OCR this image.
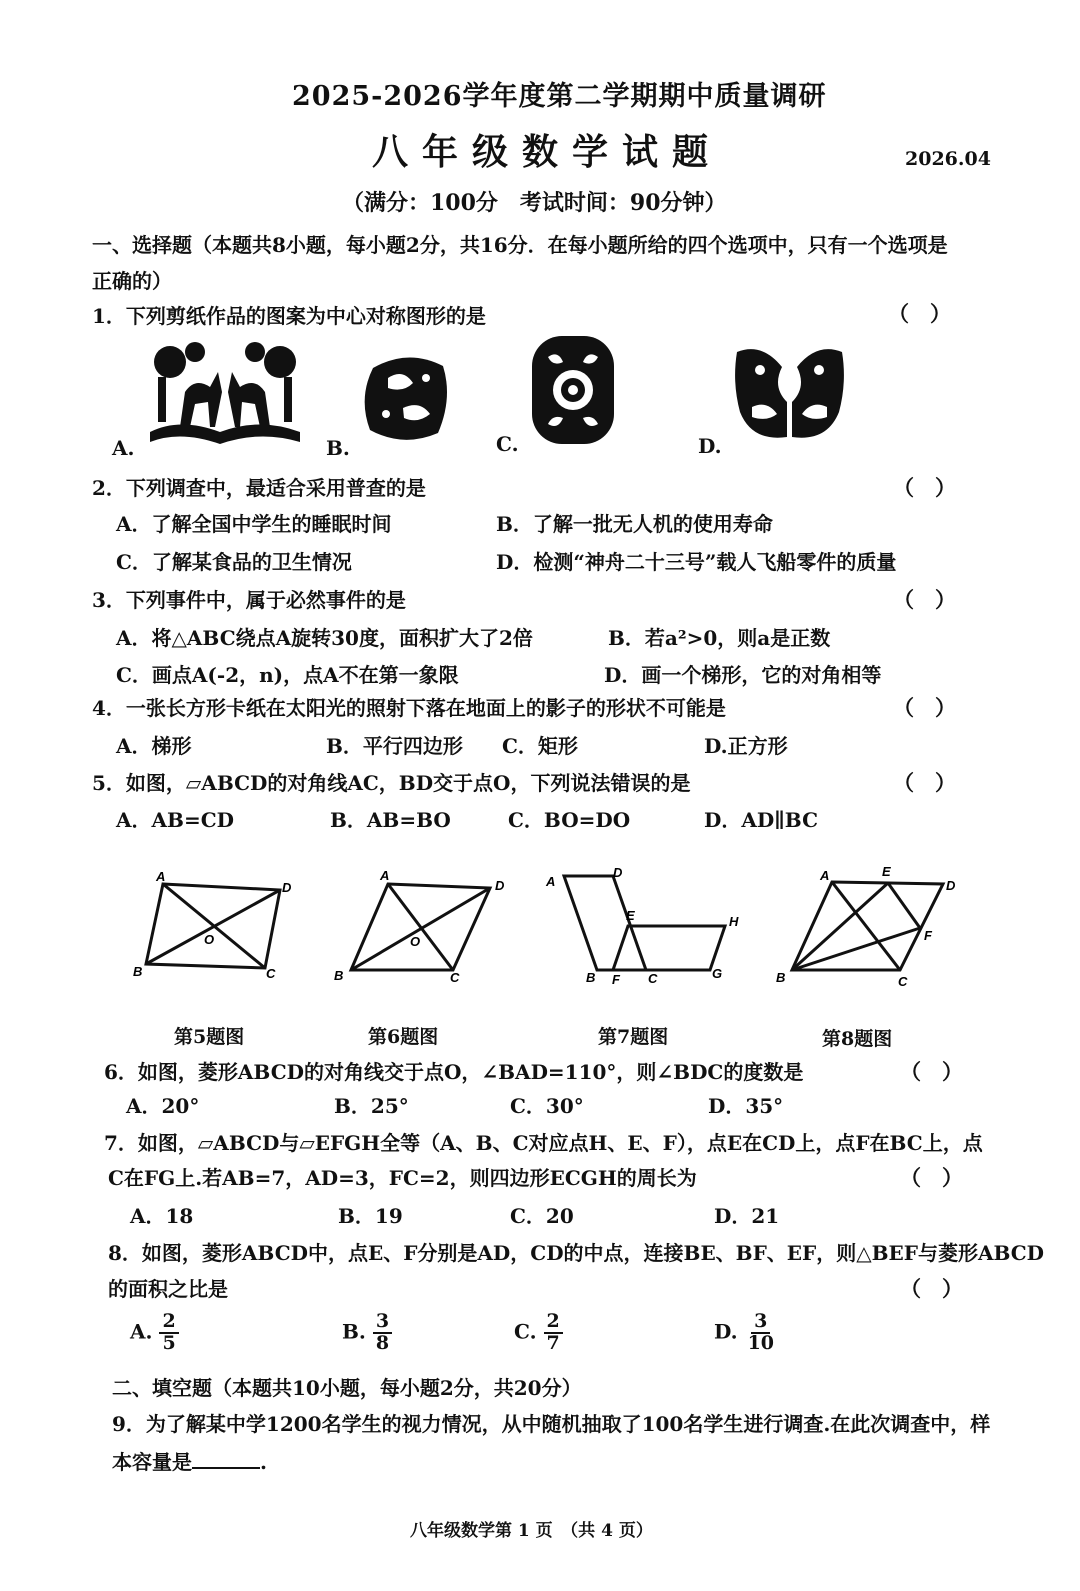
2025-2026学年度第二学期期中质量调研
八年级数学试题	2026.04
（满分：100分　考试时间：90分钟）
一、选择题（本题共8小题，每小题2分，共16分．在每小题所给的四个选项中，只有一个选项是
正确的）
1．下列剪纸作品的图案为中心对称图形的是	（　）
A.	B.	C.	D.
2．下列调查中，最适合采用普查的是	（　）
A．了解全国中学生的睡眠时间	B．了解一批无人机的使用寿命
C．了解某食品的卫生情况	D．检测“神舟二十三号”载人飞船零件的质量
3．下列事件中，属于必然事件的是	（　）
A．将△ABC绕点A旋转30度，面积扩大了2倍	B．若a²>0，则a是正数
C．画点A(-2，n)，点A不在第一象限	D．画一个梯形，它的对角相等
4．一张长方形卡纸在太阳光的照射下落在地面上的影子的形状不可能是	（　）
A．梯形	B．平行四边形 C．矩形	D.正方形
5．如图，▱ABCD的对角线AC，BD交于点O，下列说法错误的是	（　）
A．AB=CD	B．AB=BO	C．BO=DO	D．AD∥BC
A
D
O
B	C
A
D
O
B	C
A
D
E	H
B F C	G
A	E
D
F
B	C
第5题图	第6题图	第7题图	第8题图
6．如图，菱形ABCD的对角线交于点O，∠BAD=110°，则∠BDC的度数是	（　）
A．20°	B．25°	C．30°	D．35°
7．如图，▱ABCD与▱EFGH全等（A、B、C对应点H、E、F），点E在CD上，点F在BC上，点
C在FG上.若AB=7，AD=3，FC=2，则四边形ECGH的周长为	（　）
A．18	B．19	C．20	D．21
8．如图，菱形ABCD中，点E、F分别是AD，CD的中点，连接BE、BF、EF，则△BEF与菱形ABCD
的面积之比是	（　）
A. $\frac{2}{5}$	B. $\frac{3}{8}$	C. $\frac{2}{7}$	D. $\frac{3}{10}$
二、填空题（本题共10小题，每小题2分，共20分）
9．为了解某中学1200名学生的视力情况，从中随机抽取了100名学生进行调查.在此次调查中，样
本容量是	.
八年级数学第 1 页　（共 4 页）
